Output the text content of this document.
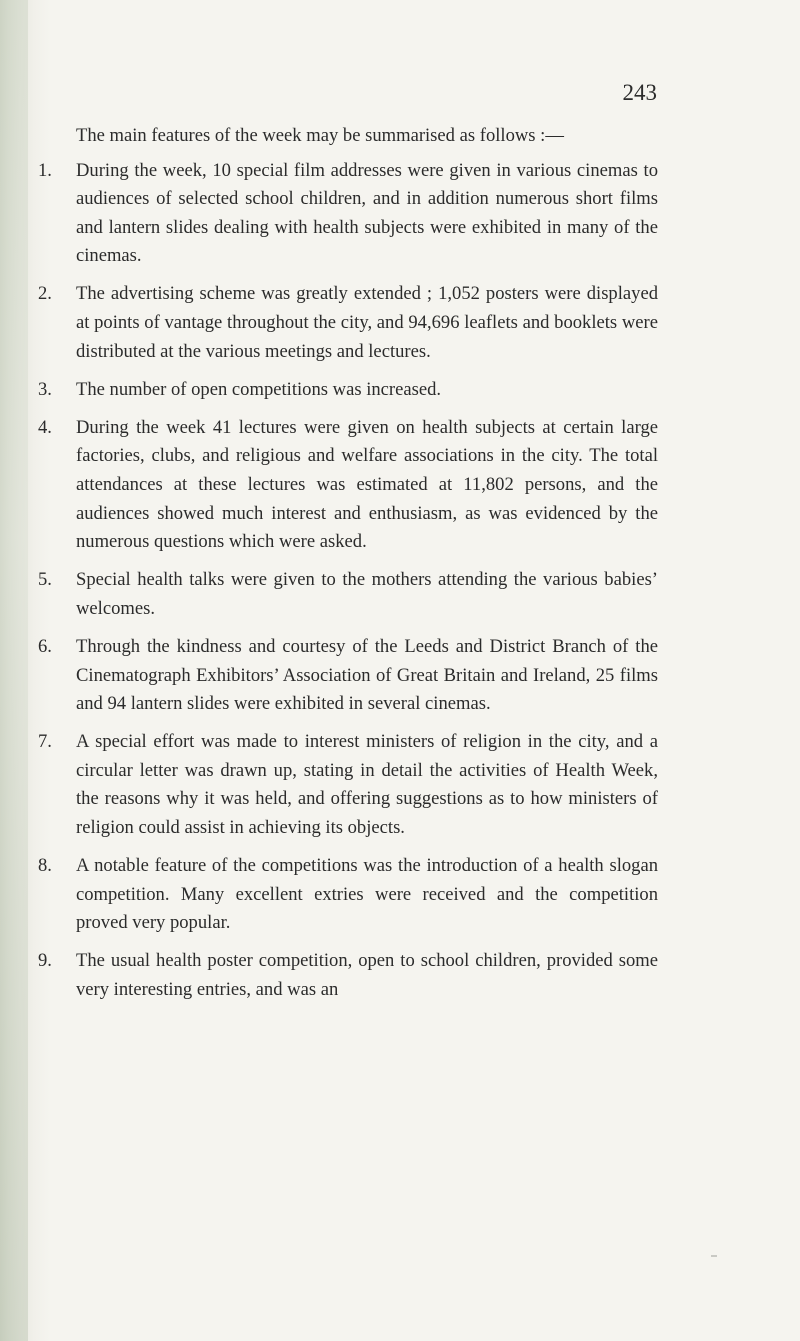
243

The main features of the week may be summarised as follows :—

1. During the week, 10 special film addresses were given in various cinemas to audiences of selected school children, and in addition numerous short films and lantern slides dealing with health subjects were exhibited in many of the cinemas.
2. The advertising scheme was greatly extended ; 1,052 posters were displayed at points of vantage throughout the city, and 94,696 leaflets and booklets were distributed at the various meetings and lectures.
3. The number of open competitions was increased.
4. During the week 41 lectures were given on health subjects at certain large factories, clubs, and religious and welfare associations in the city. The total attendances at these lectures was estimated at 11,802 persons, and the audiences showed much interest and enthusiasm, as was evidenced by the numerous questions which were asked.
5. Special health talks were given to the mothers attending the various babies’ welcomes.
6. Through the kindness and courtesy of the Leeds and District Branch of the Cinematograph Exhibitors’ Association of Great Britain and Ireland, 25 films and 94 lantern slides were exhibited in several cinemas.
7. A special effort was made to interest ministers of religion in the city, and a circular letter was drawn up, stating in detail the activities of Health Week, the reasons why it was held, and offering suggestions as to how ministers of religion could assist in achieving its objects.
8. A notable feature of the competitions was the introduction of a health slogan competition. Many excellent extries were received and the competition proved very popular.
9. The usual health poster competition, open to school children, provided some very interesting entries, and was an
